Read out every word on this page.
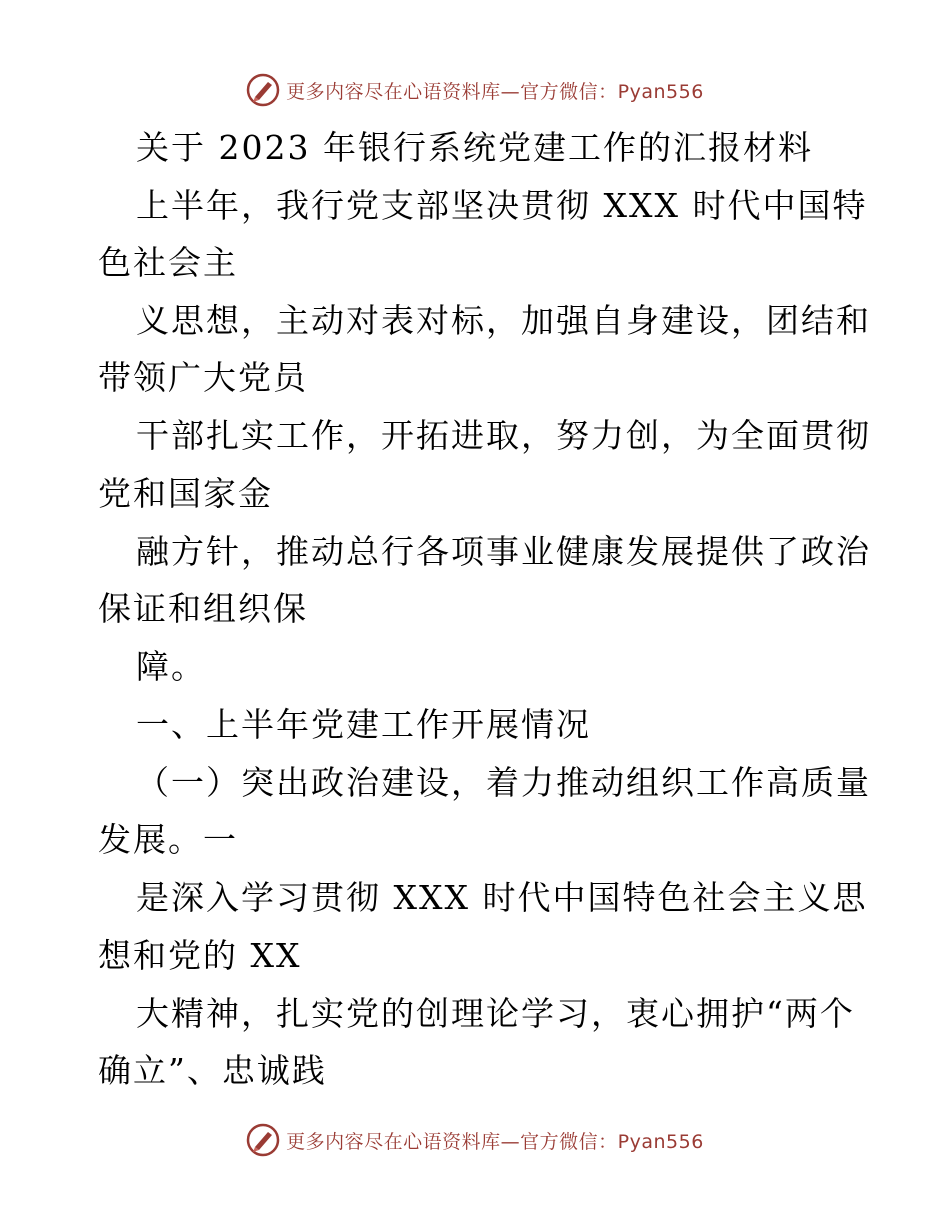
更多内容尽在心语资料库—官方微信：Pyan556
关于 2023 年银行系统党建工作的汇报材料
上半年，我行党支部坚决贯彻 XXX 时代中国特
色社会主
义思想，主动对表对标，加强自身建设，团结和
带领广大党员
干部扎实工作，开拓进取，努力创，为全面贯彻
党和国家金
融方针，推动总行各项事业健康发展提供了政治
保证和组织保
障。
一、上半年党建工作开展情况
（一）突出政治建设，着力推动组织工作高质量
发展。一
是深入学习贯彻 XXX 时代中国特色社会主义思
想和党的 XX
大精神，扎实党的创理论学习，衷心拥护“两个
确立”、忠诚践
更多内容尽在心语资料库—官方微信：Pyan556
